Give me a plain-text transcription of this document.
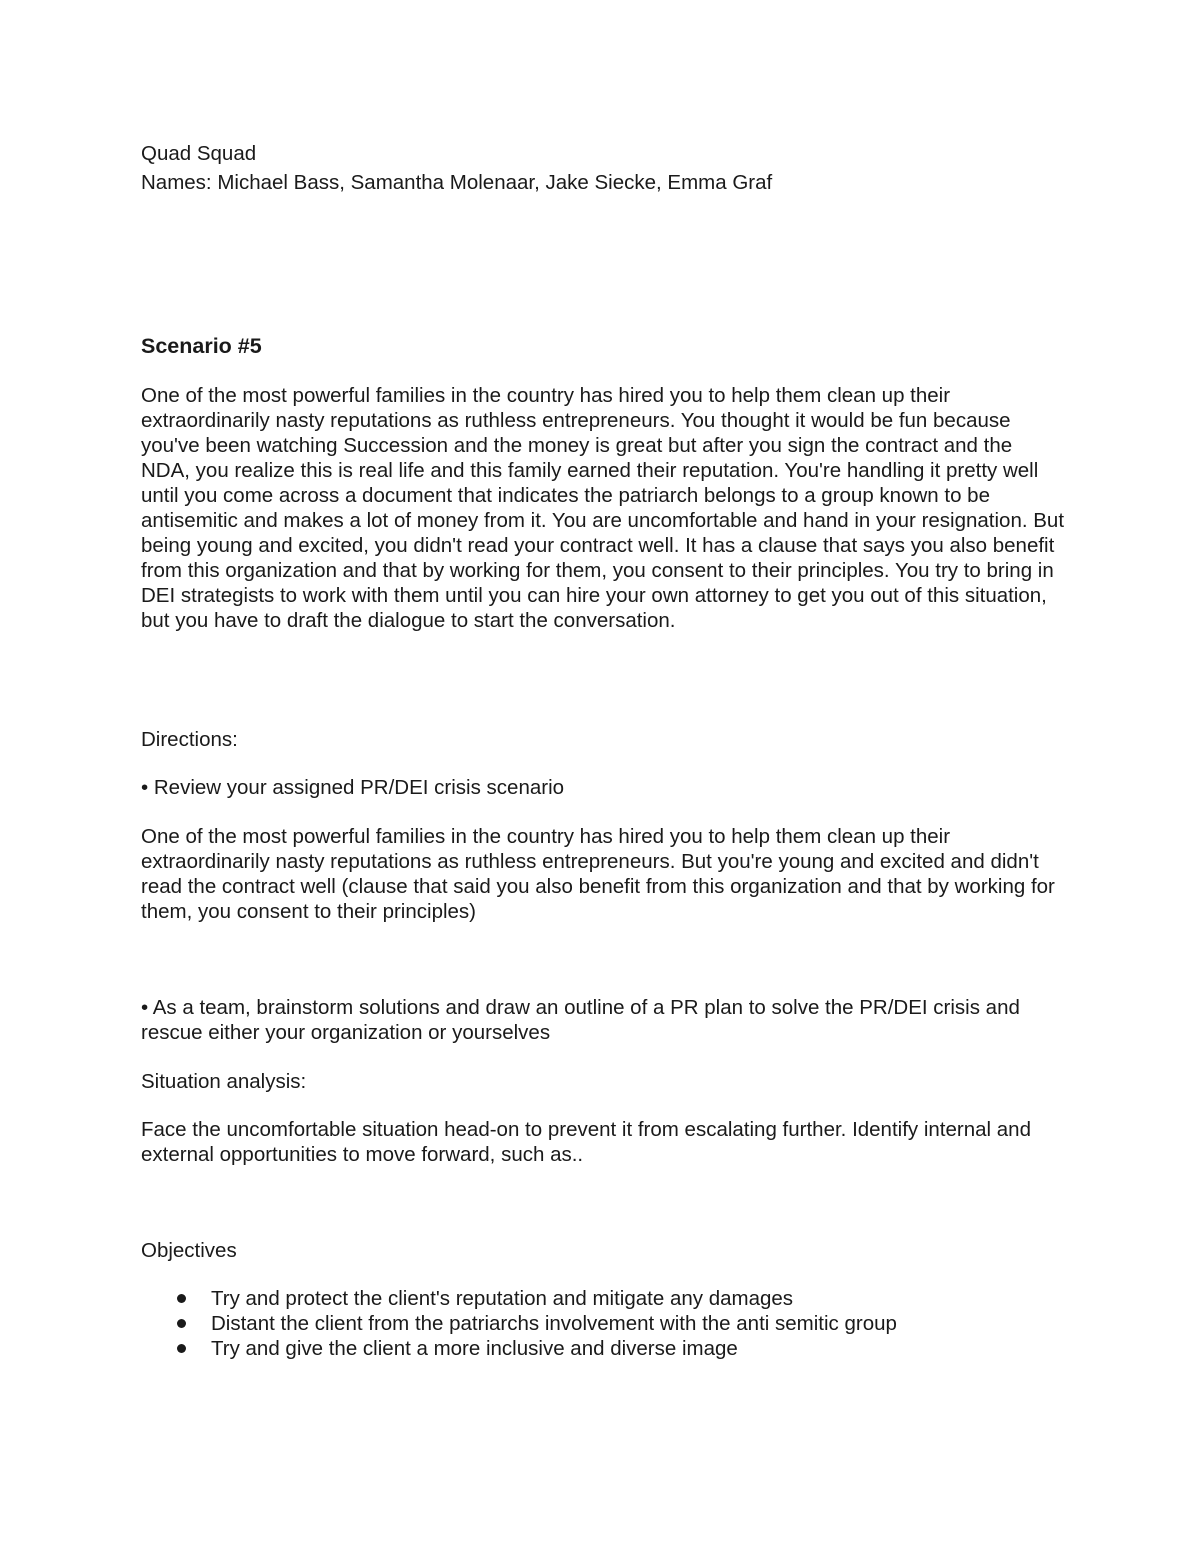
Quad Squad

Names: Michael Bass, Samantha Molenaar, Jake Siecke, Emma Graf

Scenario #5

One of the most powerful families in the country has hired you to help them clean up their extraordinarily nasty reputations as ruthless entrepreneurs. You thought it would be fun because you've been watching Succession and the money is great but after you sign the contract and the NDA, you realize this is real life and this family earned their reputation. You're handling it pretty well until you come across a document that indicates the patriarch belongs to a group known to be antisemitic and makes a lot of money from it. You are uncomfortable and hand in your resignation. But being young and excited, you didn't read your contract well. It has a clause that says you also benefit from this organization and that by working for them, you consent to their principles. You try to bring in DEI strategists to work with them until you can hire your own attorney to get you out of this situation, but you have to draft the dialogue to start the conversation.

Directions:

• Review your assigned PR/DEI crisis scenario

One of the most powerful families in the country has hired you to help them clean up their extraordinarily nasty reputations as ruthless entrepreneurs. But you're young and excited and didn't read the contract well (clause that said you also benefit from this organization and that by working for them, you consent to their principles)

• As a team, brainstorm solutions and draw an outline of a PR plan to solve the PR/DEI crisis and rescue either your organization or yourselves

Situation analysis:

Face the uncomfortable situation head-on to prevent it from escalating further. Identify internal and external opportunities to move forward, such as..

Objectives

Try and protect the client's reputation and mitigate any damages
Distant the client from the patriarchs involvement with the anti semitic group
Try and give the client a more inclusive and diverse image
